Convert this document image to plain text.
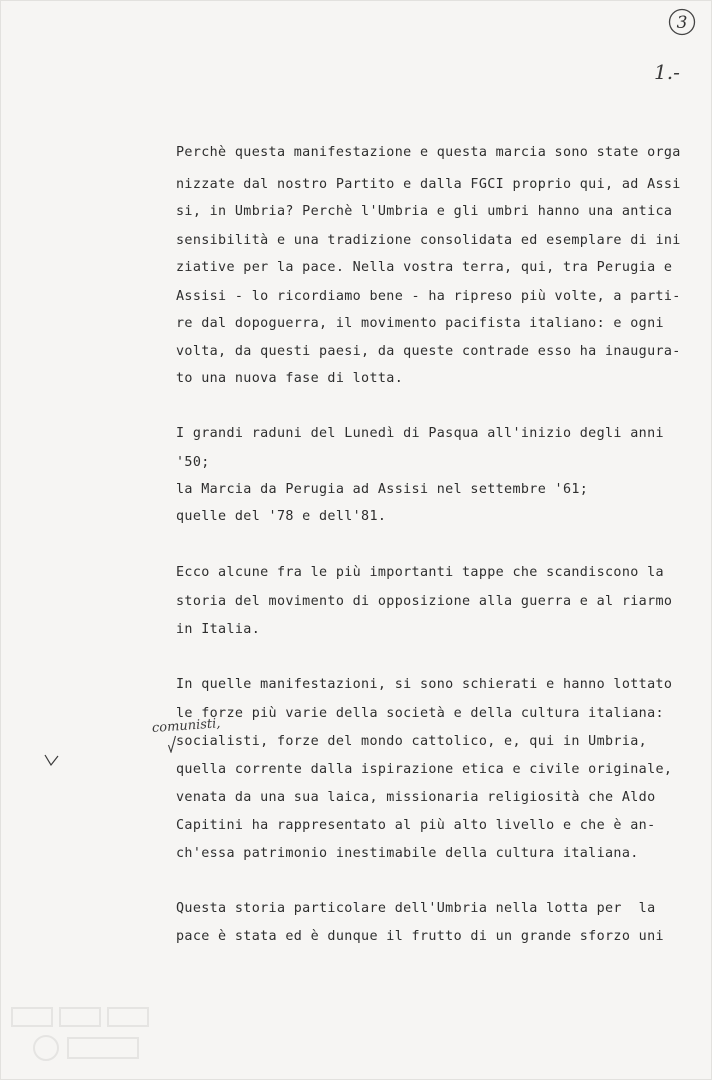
3
1.-
Perchè questa manifestazione e questa marcia sono state orga
nizzate dal nostro Partito e dalla FGCI proprio qui, ad Assi
si, in Umbria? Perchè l'Umbria e gli umbri hanno una antica
sensibilità e una tradizione consolidata ed esemplare di ini
ziative per la pace. Nella vostra terra, qui, tra Perugia e
Assisi - lo ricordiamo bene - ha ripreso più volte, a parti-
re dal dopoguerra, il movimento pacifista italiano: e ogni
volta, da questi paesi, da queste contrade esso ha inaugura-
to una nuova fase di lotta.
I grandi raduni del Lunedì di Pasqua all'inizio degli anni
'50;
la Marcia da Perugia ad Assisi nel settembre '61;
quelle del '78 e dell'81.
Ecco alcune fra le più importanti tappe che scandiscono la
storia del movimento di opposizione alla guerra e al riarmo
in Italia.
In quelle manifestazioni, si sono schierati e hanno lottato
le forze più varie della società e della cultura italiana:
socialisti, forze del mondo cattolico, e, qui in Umbria,
quella corrente dalla ispirazione etica e civile originale,
venata da una sua laica, missionaria religiosità che Aldo
Capitini ha rappresentato al più alto livello e che è an-
ch'essa patrimonio inestimabile della cultura italiana.
Questa storia particolare dell'Umbria nella lotta per  la
pace è stata ed è dunque il frutto di un grande sforzo uni
comunisti,
